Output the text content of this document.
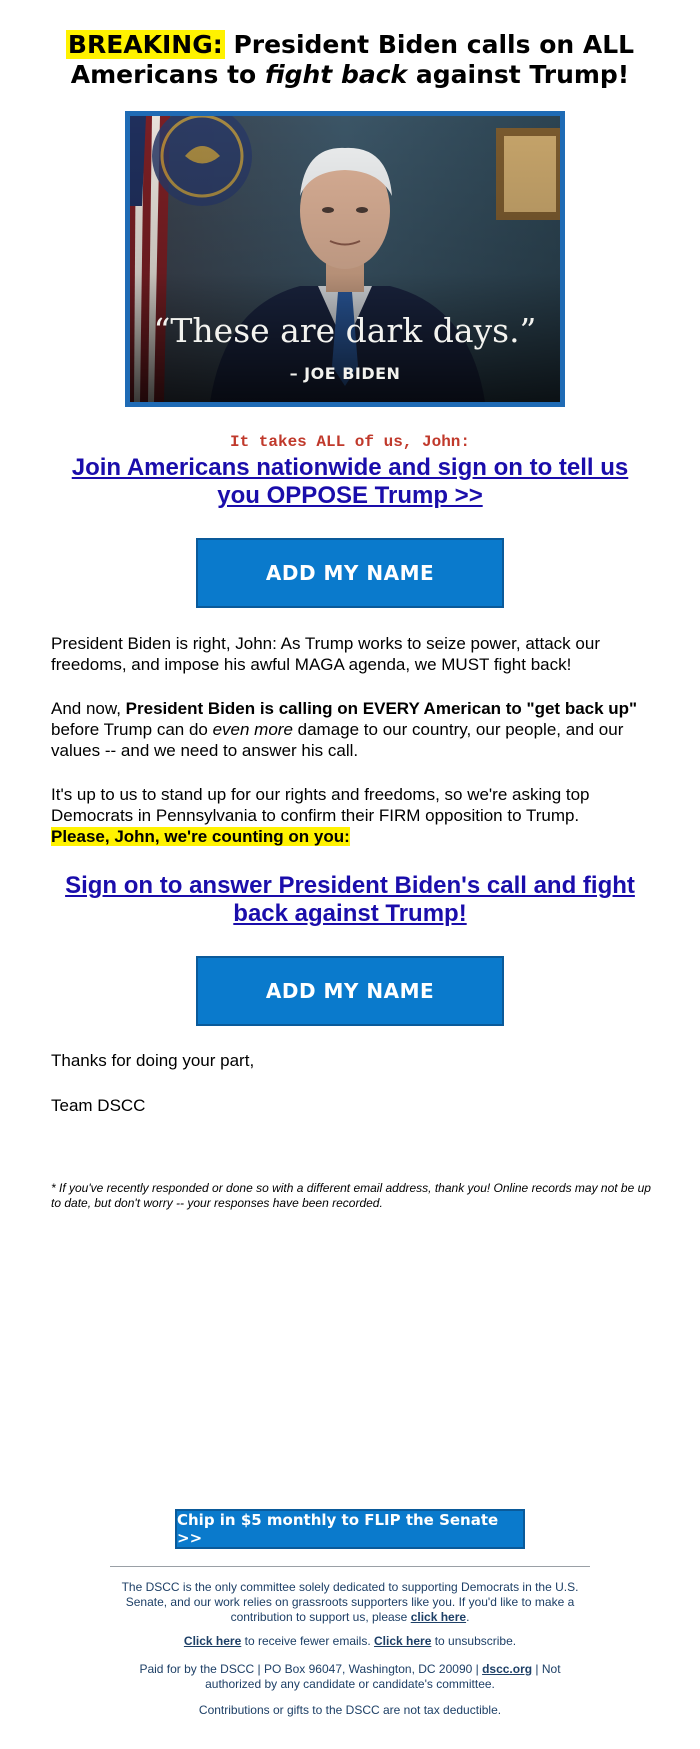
BREAKING: President Biden calls on ALL Americans to fight back against Trump!
“These are dark days.”
– JOE BIDEN
It takes ALL of us, John:
Join Americans nationwide and sign on to tell us you OPPOSE Trump >>
ADD MY NAME
President Biden is right, John: As Trump works to seize power, attack our freedoms, and impose his awful MAGA agenda, we MUST fight back!
And now, President Biden is calling on EVERY American to "get back up" before Trump can do even more damage to our country, our people, and our values -- and we need to answer his call.
It's up to us to stand up for our rights and freedoms, so we're asking top Democrats in Pennsylvania to confirm their FIRM opposition to Trump.
Please, John, we're counting on you:
Sign on to answer President Biden's call and fight back against Trump!
ADD MY NAME
Thanks for doing your part,
Team DSCC
* If you've recently responded or done so with a different email address, thank you! Online records may not be up to date, but don't worry -- your responses have been recorded.
Chip in $5 monthly to FLIP the Senate >>
The DSCC is the only committee solely dedicated to supporting Democrats in the U.S. Senate, and our work relies on grassroots supporters like you. If you'd like to make a contribution to support us, please click here.
Click here to receive fewer emails. Click here to unsubscribe.
Paid for by the DSCC | PO Box 96047, Washington, DC 20090 | dscc.org | Not authorized by any candidate or candidate's committee.
Contributions or gifts to the DSCC are not tax deductible.
